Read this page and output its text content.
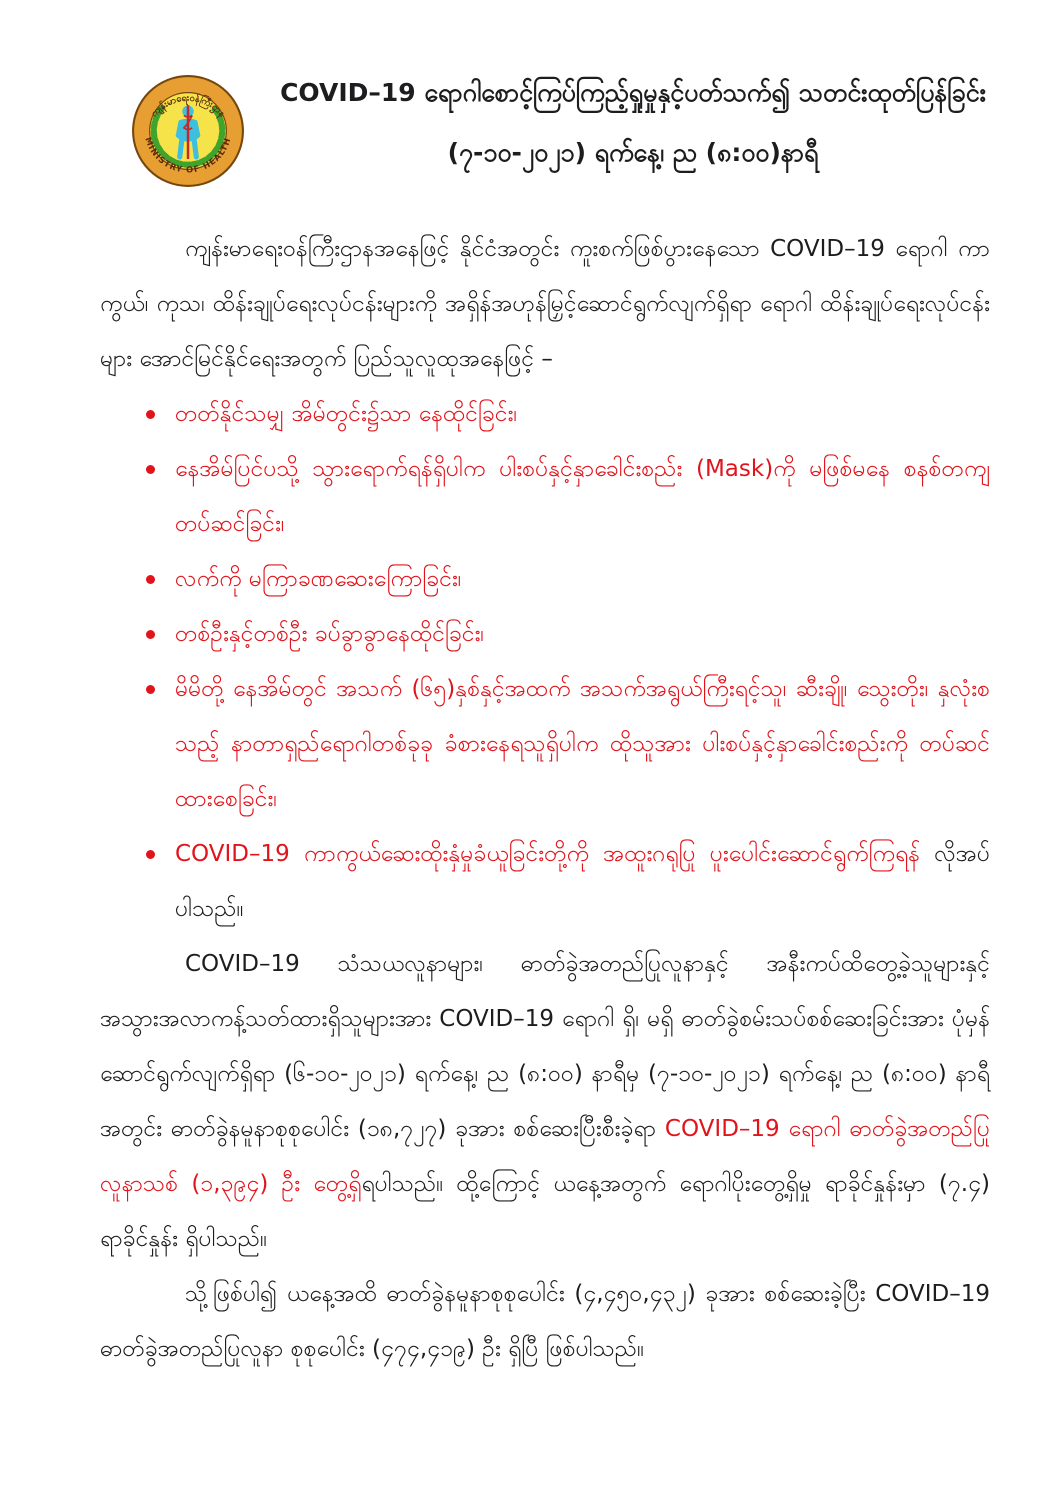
ကျန်းမာရေးဝန်ကြီးဌာန
MINISTRY OF HEALTH
COVID–19 ရောဂါစောင့်ကြပ်ကြည့်ရှုမှုနှင့်ပတ်သက်၍ သတင်းထုတ်ပြန်ခြင်း
(၇-၁၀-၂၀၂၁) ရက်နေ့၊ ည (၈:၀၀)နာရီ

ကျန်းမာရေးဝန်ကြီးဌာနအနေဖြင့် နိုင်ငံအတွင်း ကူးစက်ဖြစ်ပွားနေသော COVID–19 ရောဂါ ကာကွယ်၊ ကုသ၊ ထိန်းချုပ်ရေးလုပ်ငန်းများကို အရှိန်အဟုန်မြှင့်ဆောင်ရွက်လျက်ရှိရာ ရောဂါ ထိန်းချုပ်ရေးလုပ်ငန်းများ အောင်မြင်နိုင်ရေးအတွက် ပြည်သူလူထုအနေဖြင့် –

တတ်နိုင်သမျှ အိမ်တွင်း၌သာ နေထိုင်ခြင်း၊
နေအိမ်ပြင်ပသို့ သွားရောက်ရန်ရှိပါက ပါးစပ်နှင့်နှာခေါင်းစည်း (Mask)ကို မဖြစ်မနေ စနစ်တကျ တပ်ဆင်ခြင်း၊
လက်ကို မကြာခဏဆေးကြောခြင်း၊
တစ်ဦးနှင့်တစ်ဦး ခပ်ခွာခွာနေထိုင်ခြင်း၊
မိမိတို့ နေအိမ်တွင် အသက် (၆၅)နှစ်နှင့်အထက် အသက်အရွယ်ကြီးရင့်သူ၊ ဆီးချို၊ သွေးတိုး၊ နှလုံးစသည့် နာတာရှည်ရောဂါတစ်ခုခု ခံစားနေရသူရှိပါက ထိုသူအား ပါးစပ်နှင့်နှာခေါင်းစည်းကို တပ်ဆင်ထားစေခြင်း၊
COVID–19 ကာကွယ်ဆေးထိုးနှံမှုခံယူခြင်းတို့ကို အထူးဂရုပြု ပူးပေါင်းဆောင်ရွက်ကြရန် လိုအပ်ပါသည်။

COVID–19 သံသယလူနာများ၊ ဓာတ်ခွဲအတည်ပြုလူနာနှင့် အနီးကပ်ထိတွေ့ခဲ့သူများနှင့် အသွားအလာကန့်သတ်ထားရှိသူများအား COVID–19 ရောဂါ ရှိ၊ မရှိ ဓာတ်ခွဲစမ်းသပ်စစ်ဆေးခြင်းအား ပုံမှန်ဆောင်ရွက်လျက်ရှိရာ (၆-၁၀-၂၀၂၁) ရက်နေ့၊ ည (၈:၀၀) နာရီမှ (၇-၁၀-၂၀၂၁) ရက်နေ့၊ ည (၈:၀၀) နာရီ အတွင်း ဓာတ်ခွဲနမူနာစုစုပေါင်း (၁၈,၇၂၇) ခုအား စစ်ဆေးပြီးစီးခဲ့ရာ COVID–19 ရောဂါ ဓာတ်ခွဲအတည်ပြုလူနာသစ် (၁,၃၉၄) ဦး တွေ့ရှိရပါသည်။ ထို့ကြောင့် ယနေ့အတွက် ရောဂါပိုးတွေ့ရှိမှု ရာခိုင်နှုန်းမှာ (၇.၄) ရာခိုင်နှုန်း ရှိပါသည်။

သို့ဖြစ်ပါ၍ ယနေ့အထိ ဓာတ်ခွဲနမူနာစုစုပေါင်း (၄,၄၅၀,၄၃၂) ခုအား စစ်ဆေးခဲ့ပြီး COVID–19 ဓာတ်ခွဲအတည်ပြုလူနာ စုစုပေါင်း (၄၇၄,၄၁၉) ဦး ရှိပြီ ဖြစ်ပါသည်။
